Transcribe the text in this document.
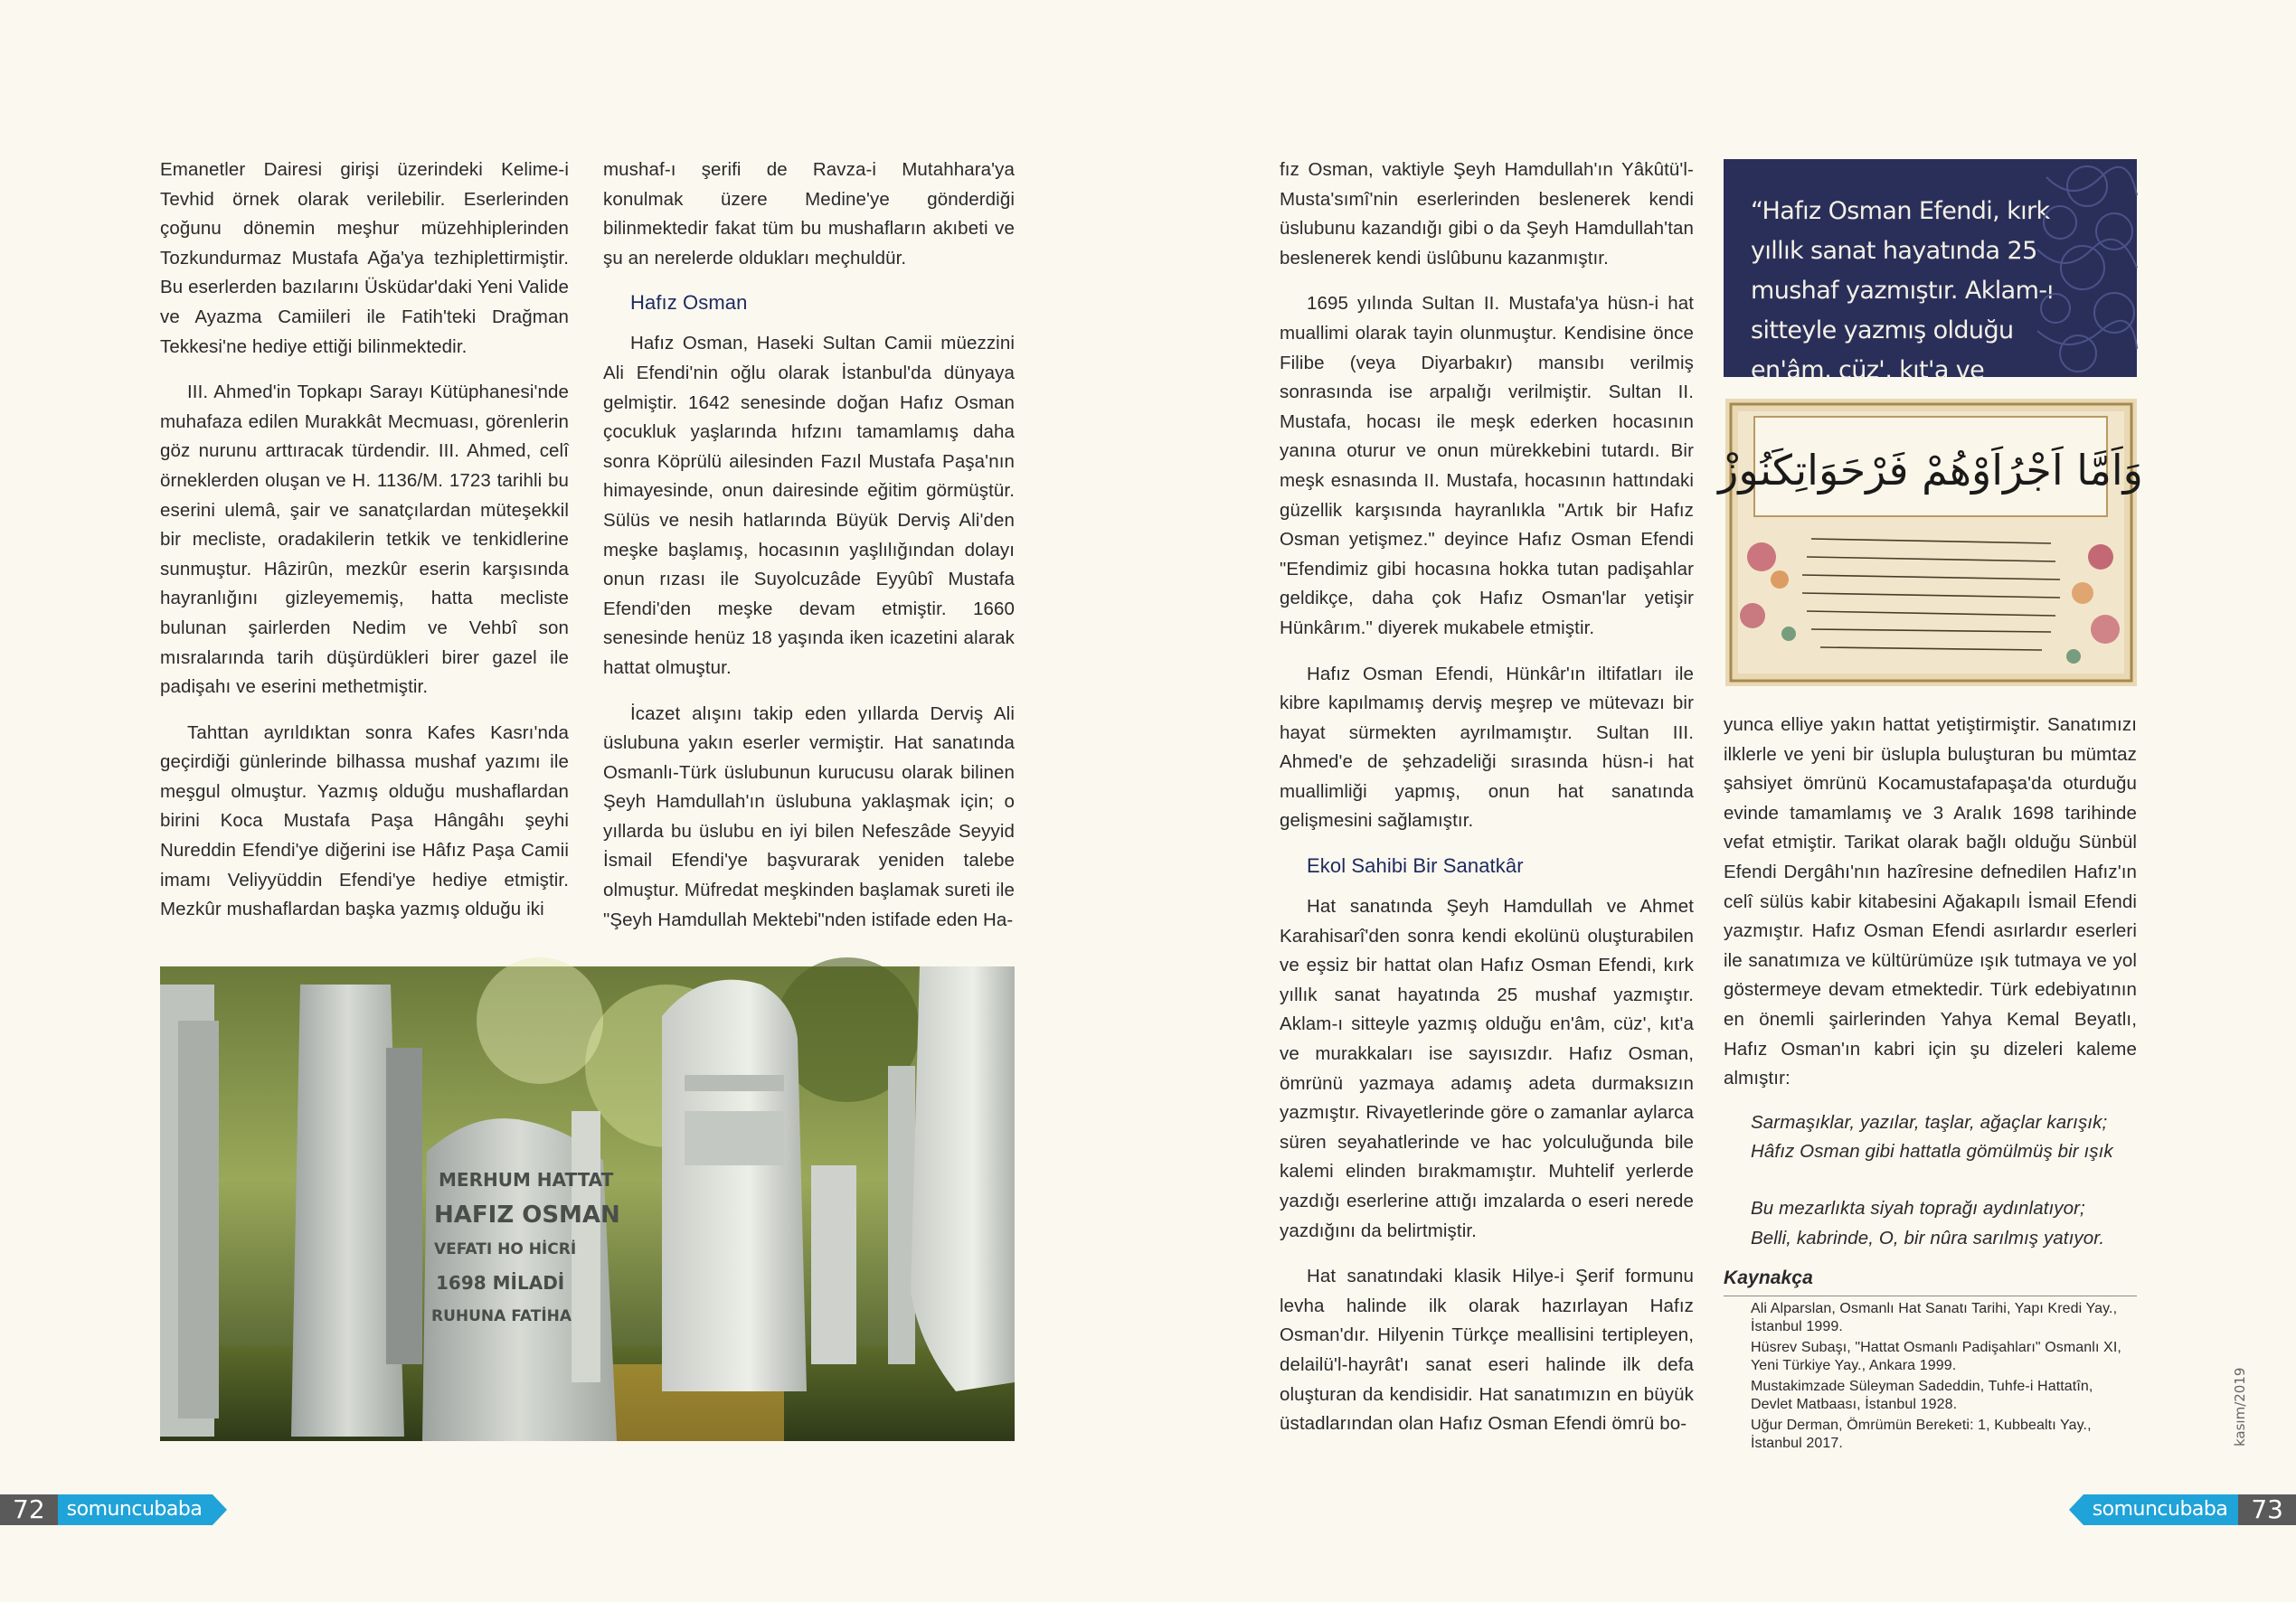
Emanetler Dairesi girişi üzerindeki Kelime-i Tevhid örnek olarak verilebilir. Eserlerinden çoğunu dönemin meşhur müzehhiplerinden Tozkundurmaz Mustafa Ağa'ya tezhiplettirmiştir. Bu eserlerden bazılarını Üsküdar'daki Yeni Valide ve Ayazma Camiileri ile Fatih'teki Drağman Tekkesi'ne hediye ettiği bilinmektedir.

III. Ahmed'in Topkapı Sarayı Kütüphanesi'nde muhafaza edilen Murakkât Mecmuası, görenlerin göz nurunu arttıracak türdendir. III. Ahmed, celî örneklerden oluşan ve H. 1136/M. 1723 tarihli bu eserini ulemâ, şair ve sanatçılardan müteşekkil bir mecliste, oradakilerin tetkik ve tenkidlerine sunmuştur. Hâzirûn, mezkûr eserin karşısında hayranlığını gizleyememiş, hatta mecliste bulunan şairlerden Nedim ve Vehbî son mısralarında tarih düşürdükleri birer gazel ile padişahı ve eserini methetmiştir.

Tahttan ayrıldıktan sonra Kafes Kasrı'nda geçirdiği günlerinde bilhassa mushaf yazımı ile meşgul olmuştur. Yazmış olduğu mushaflardan birini Koca Mustafa Paşa Hângâhı şeyhi Nureddin Efendi'ye diğerini ise Hâfız Paşa Camii imamı Veliyyüddin Efendi'ye hediye etmiştir. Mezkûr mushaflardan başka yazmış olduğu iki

mushaf-ı şerifi de Ravza-i Mutahhara'ya konulmak üzere Medine'ye gönderdiği bilinmektedir fakat tüm bu mushafların akıbeti ve şu an nerelerde oldukları meçhuldür.

Hafız Osman

Hafız Osman, Haseki Sultan Camii müezzini Ali Efendi'nin oğlu olarak İstanbul'da dünyaya gelmiştir. 1642 senesinde doğan Hafız Osman çocukluk yaşlarında hıfzını tamamlamış daha sonra Köprülü ailesinden Fazıl Mustafa Paşa'nın himayesinde, onun dairesinde eğitim görmüştür. Sülüs ve nesih hatlarında Büyük Derviş Ali'den meşke başlamış, hocasının yaşlılığından dolayı onun rızası ile Suyolcuzâde Eyyûbî Mustafa Efendi'den meşke devam etmiştir. 1660 senesinde henüz 18 yaşında iken icazetini alarak hattat olmuştur.

İcazet alışını takip eden yıllarda Derviş Ali üslubuna yakın eserler vermiştir. Hat sanatında Osmanlı-Türk üslubunun kurucusu olarak bilinen Şeyh Hamdullah'ın üslubuna yaklaşmak için; o yıllarda bu üslubu en iyi bilen Nefeszâde Seyyid İsmail Efendi'ye başvurarak yeniden talebe olmuştur. Müfredat meşkinden başlamak sureti ile "Şeyh Hamdullah Mektebi"nden istifade eden Ha-

MERHUM HATTAT
HAFIZ OSMAN
VEFATI HO HİCRİ
1698 MİLADİ
RUHUNA FATİHA
72	somuncubaba

fız Osman, vaktiyle Şeyh Hamdullah'ın Yâkûtü'l-Musta'sımî'nin eserlerinden beslenerek kendi üslubunu kazandığı gibi o da Şeyh Hamdullah'tan beslenerek kendi üslûbunu kazanmıştır.

1695 yılında Sultan II. Mustafa'ya hüsn-i hat muallimi olarak tayin olunmuştur. Kendisine önce Filibe (veya Diyarbakır) mansıbı verilmiş sonrasında ise arpalığı verilmiştir. Sultan II. Mustafa, hocası ile meşk ederken hocasının yanına oturur ve onun mürekkebini tutardı. Bir meşk esnasında II. Mustafa, hocasının hattındaki güzellik karşısında hayranlıkla "Artık bir Hafız Osman yetişmez." deyince Hafız Osman Efendi "Efendimiz gibi hocasına hokka tutan padişahlar geldikçe, daha çok Hafız Osman'lar yetişir Hünkârım." diyerek mukabele etmiştir.

Hafız Osman Efendi, Hünkâr'ın iltifatları ile kibre kapılmamış derviş meşrep ve mütevazı bir hayat sürmekten ayrılmamıştır. Sultan III. Ahmed'e de şehzadeliği sırasında hüsn-i hat muallimliği yapmış, onun hat sanatında gelişmesini sağlamıştır.

Ekol Sahibi Bir Sanatkâr

Hat sanatında Şeyh Hamdullah ve Ahmet Karahisarî'den sonra kendi ekolünü oluşturabilen ve eşsiz bir hattat olan Hafız Osman Efendi, kırk yıllık sanat hayatında 25 mushaf yazmıştır. Aklam-ı sitteyle yazmış olduğu en'âm, cüz', kıt'a ve murakkaları ise sayısızdır. Hafız Osman, ömrünü yazmaya adamış adeta durmaksızın yazmıştır. Rivayetlerinde göre o zamanlar aylarca süren seyahatlerinde ve hac yolculuğunda bile kalemi elinden bırakmamıştır. Muhtelif yerlerde yazdığı eserlerine attığı imzalarda o eseri nerede yazdığını da belirtmiştir.

Hat sanatındaki klasik Hilye-i Şerif formunu levha halinde ilk olarak hazırlayan Hafız Osman'dır. Hilyenin Türkçe meallisini tertipleyen, delailü'l-hayrât'ı sanat eseri halinde ilk defa oluşturan da kendisidir. Hat sanatımızın en büyük üstadlarından olan Hafız Osman Efendi ömrü bo-

“Hafız Osman Efendi, kırk yıllık sanat hayatında 25 mushaf yazmıştır. Aklam-ı sitteyle yazmış olduğu en'âm, cüz', kıt'a ve
وَاَمَّا اَجْرُاَوْهُمْ فَرْحَوَاتِكَنُوزْ

yunca elliye yakın hattat yetiştirmiştir. Sanatımızı ilklerle ve yeni bir üslupla buluşturan bu mümtaz şahsiyet ömrünü Kocamustafapaşa'da oturduğu evinde tamamlamış ve 3 Aralık 1698 tarihinde vefat etmiştir. Tarikat olarak bağlı olduğu Sünbül Efendi Dergâhı'nın hazîresine defnedilen Hafız'ın celî sülüs kabir kitabesini Ağakapılı İsmail Efendi yazmıştır. Hafız Osman Efendi asırlardır eserleri ile sanatımıza ve kültürümüze ışık tutmaya ve yol göstermeye devam etmektedir. Türk edebiyatının en önemli şairlerinden Yahya Kemal Beyatlı, Hafız Osman'ın kabri için şu dizeleri kaleme almıştır:

Sarmaşıklar, yazılar, taşlar, ağaçlar karışık;

Hâfız Osman gibi hattatla gömülmüş bir ışık

Bu mezarlıkta siyah toprağı aydınlatıyor;

Belli, kabrinde, O, bir nûra sarılmış yatıyor.

Kaynakça

Ali Alparslan, Osmanlı Hat Sanatı Tarihi, Yapı Kredi Yay., İstanbul 1999.

Hüsrev Subaşı, "Hattat Osmanlı Padişahları" Osmanlı XI, Yeni Türkiye Yay., Ankara 1999.

Mustakimzade Süleyman Sadeddin, Tuhfe-i Hattatîn, Devlet Matbaası, İstanbul 1928.

Uğur Derman, Ömrümün Bereketi: 1, Kubbealtı Yay., İstanbul 2017.	kasım/2019
somuncubaba 73
